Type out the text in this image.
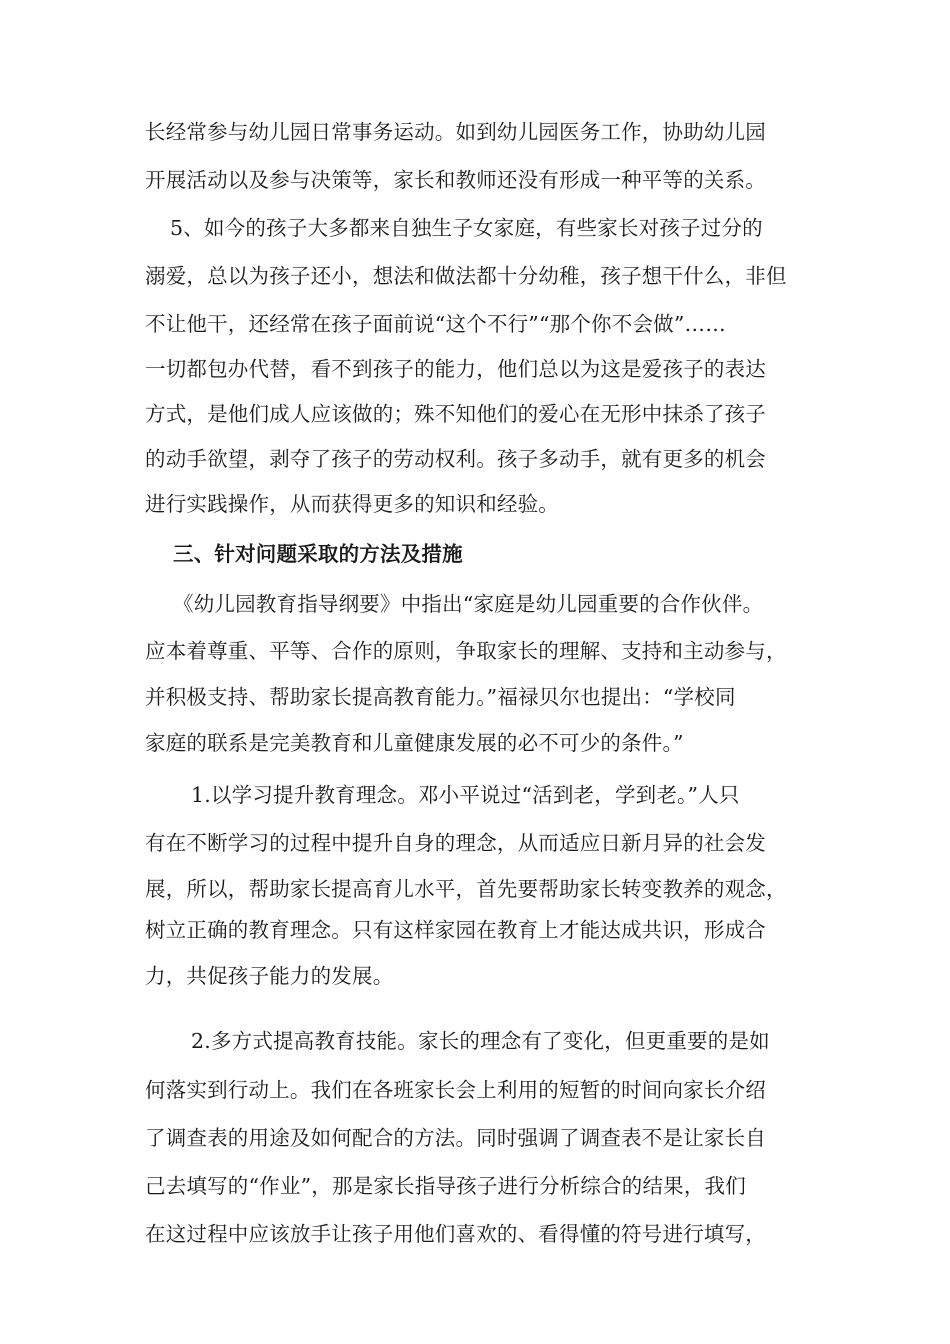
长经常参与幼儿园日常事务运动。如到幼儿园医务工作，协助幼儿园
开展活动以及参与决策等，家长和教师还没有形成一种平等的关系。
5、如今的孩子大多都来自独生子女家庭，有些家长对孩子过分的
溺爱，总以为孩子还小，想法和做法都十分幼稚，孩子想干什么，非但
不让他干，还经常在孩子面前说“这个不行”“那个你不会做”……
一切都包办代替，看不到孩子的能力，他们总以为这是爱孩子的表达
方式，是他们成人应该做的；殊不知他们的爱心在无形中抹杀了孩子
的动手欲望，剥夺了孩子的劳动权利。孩子多动手，就有更多的机会
进行实践操作，从而获得更多的知识和经验。
三、针对问题采取的方法及措施
《幼儿园教育指导纲要》中指出“家庭是幼儿园重要的合作伙伴。
应本着尊重、平等、合作的原则，争取家长的理解、支持和主动参与，
并积极支持、帮助家长提高教育能力。”福禄贝尔也提出：“学校同
家庭的联系是完美教育和儿童健康发展的必不可少的条件。”
1.以学习提升教育理念。邓小平说过“活到老，学到老。”人只
有在不断学习的过程中提升自身的理念，从而适应日新月异的社会发
展，所以，帮助家长提高育儿水平，首先要帮助家长转变教养的观念，
树立正确的教育理念。只有这样家园在教育上才能达成共识，形成合
力，共促孩子能力的发展。
2.多方式提高教育技能。家长的理念有了变化，但更重要的是如
何落实到行动上。我们在各班家长会上利用的短暂的时间向家长介绍
了调查表的用途及如何配合的方法。同时强调了调查表不是让家长自
己去填写的“作业”，那是家长指导孩子进行分析综合的结果，我们
在这过程中应该放手让孩子用他们喜欢的、看得懂的符号进行填写，
